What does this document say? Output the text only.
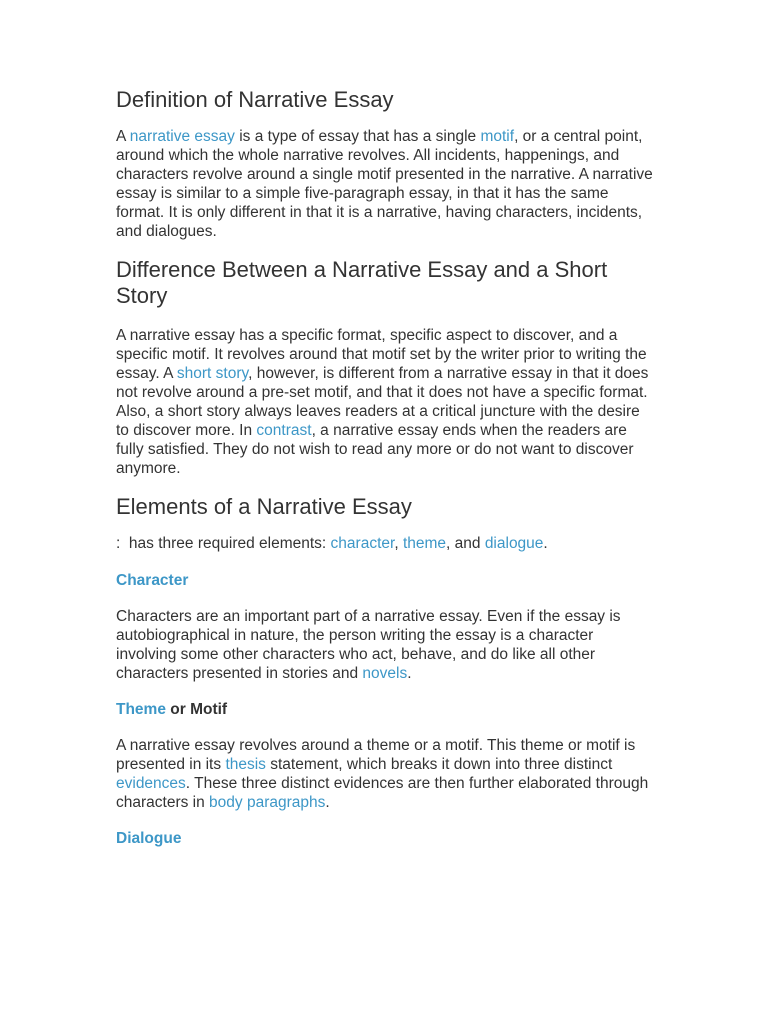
Definition of Narrative Essay

A narrative essay is a type of essay that has a single motif, or a central point, around which the whole narrative revolves. All incidents, happenings, and characters revolve around a single motif presented in the narrative. A narrative essay is similar to a simple five-paragraph essay, in that it has the same format. It is only different in that it is a narrative, having characters, incidents, and dialogues.

Difference Between a Narrative Essay and a Short Story

A narrative essay has a specific format, specific aspect to discover, and a specific motif. It revolves around that motif set by the writer prior to writing the essay. A short story, however, is different from a narrative essay in that it does not revolve around a pre-set motif, and that it does not have a specific format. Also, a short story always leaves readers at a critical juncture with the desire to discover more. In contrast, a narrative essay ends when the readers are fully satisfied. They do not wish to read any more or do not want to discover anymore.

Elements of a Narrative Essay

:  has three required elements: character, theme, and dialogue.

Character

Characters are an important part of a narrative essay. Even if the essay is autobiographical in nature, the person writing the essay is a character involving some other characters who act, behave, and do like all other characters presented in stories and novels.

Theme or Motif

A narrative essay revolves around a theme or a motif. This theme or motif is presented in its thesis statement, which breaks it down into three distinct evidences. These three distinct evidences are then further elaborated through characters in body paragraphs.

Dialogue
